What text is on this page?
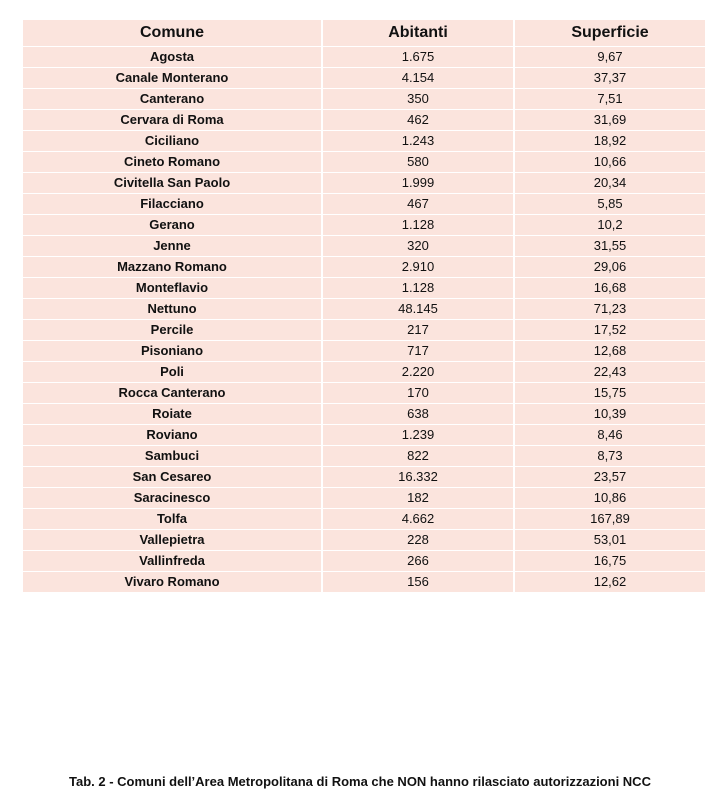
Comune	Abitanti	Superficie
Agosta	1.675	9,67
Canale Monterano	4.154	37,37
Canterano	350	7,51
Cervara di Roma	462	31,69
Ciciliano	1.243	18,92
Cineto Romano	580	10,66
Civitella San Paolo	1.999	20,34
Filacciano	467	5,85
Gerano	1.128	10,2
Jenne	320	31,55
Mazzano Romano	2.910	29,06
Monteflavio	1.128	16,68
Nettuno	48.145	71,23
Percile	217	17,52
Pisoniano	717	12,68
Poli	2.220	22,43
Rocca Canterano	170	15,75
Roiate	638	10,39
Roviano	1.239	8,46
Sambuci	822	8,73
San Cesareo	16.332	23,57
Saracinesco	182	10,86
Tolfa	4.662	167,89
Vallepietra	228	53,01
Vallinfreda	266	16,75
Vivaro Romano	156	12,62
Tab. 2 - Comuni dell’Area Metropolitana di Roma che NON hanno rilasciato autorizzazioni NCC
